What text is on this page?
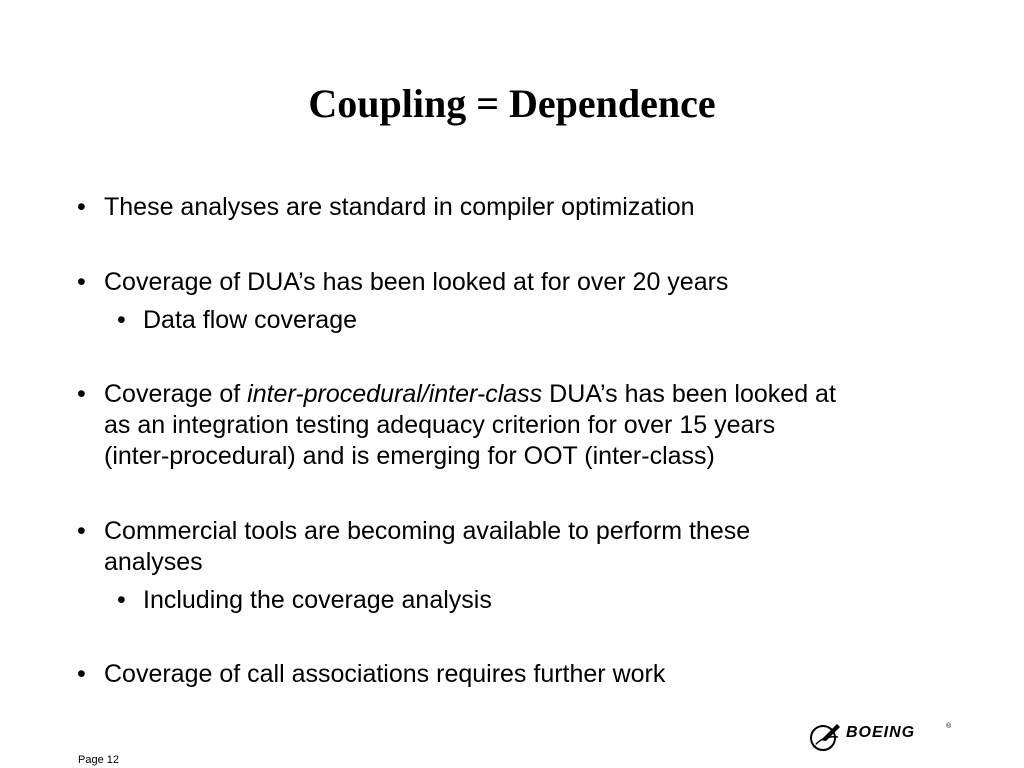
Coupling = Dependence
• These analyses are standard in compiler optimization
• Coverage of DUA’s has been looked at for over 20 years
• Data flow coverage
• Coverage of inter-procedural/inter-class DUA’s has been looked at
as an integration testing adequacy criterion for over 15 years
(inter-procedural) and is emerging for OOT (inter-class)
• Commercial tools are becoming available to perform these
analyses
• Including the coverage analysis
• Coverage of call associations requires further work
Page 12
BOEING	®
